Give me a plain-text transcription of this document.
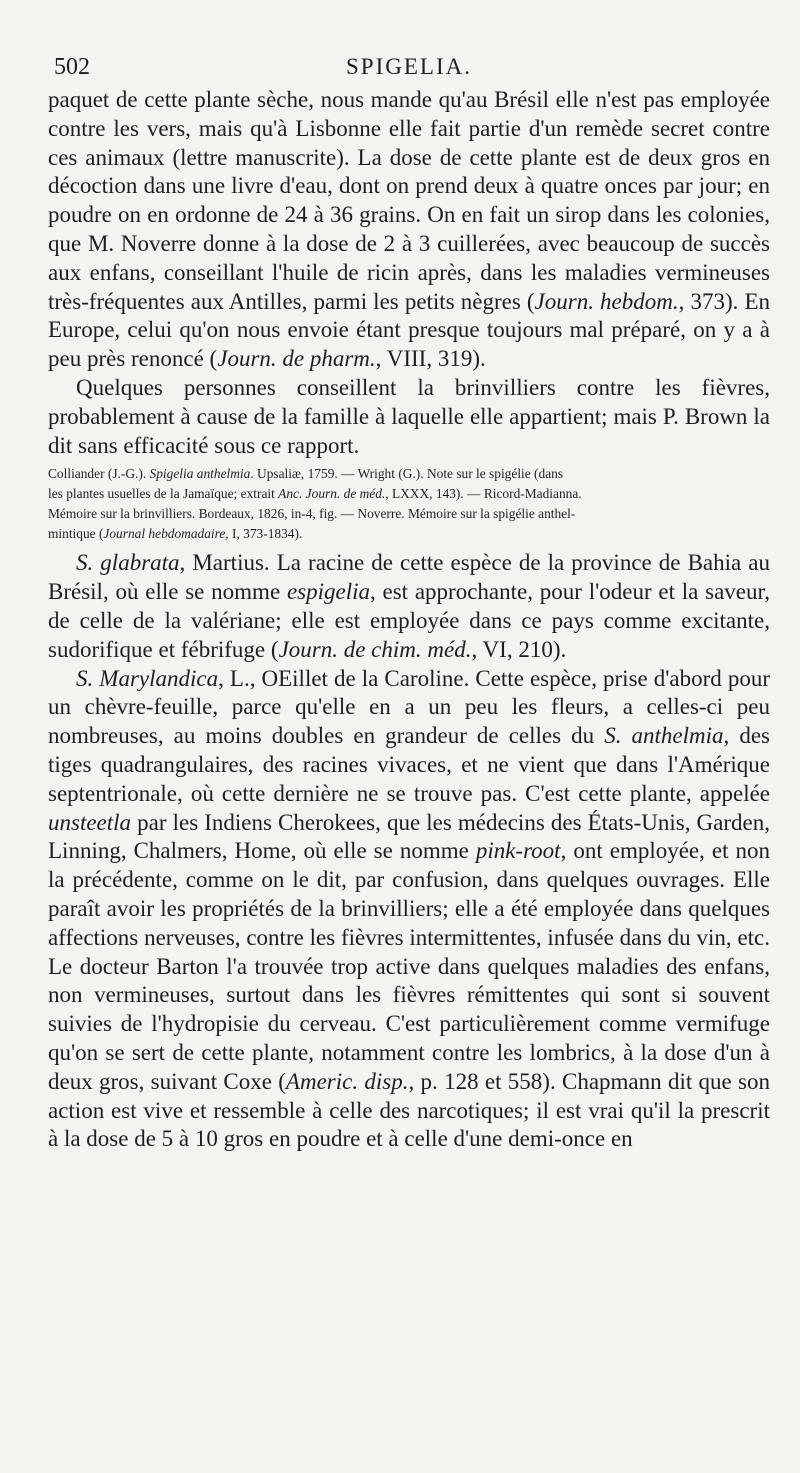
502	SPIGELIA.

paquet de cette plante sèche, nous mande qu'au Brésil elle n'est pas employée contre les vers, mais qu'à Lisbonne elle fait partie d'un remède secret contre ces animaux (lettre manuscrite). La dose de cette plante est de deux gros en décoction dans une livre d'eau, dont on prend deux à quatre onces par jour; en poudre on en ordonne de 24 à 36 grains. On en fait un sirop dans les colonies, que M. Noverre donne à la dose de 2 à 3 cuillerées, avec beaucoup de succès aux enfans, conseillant l'huile de ricin après, dans les maladies vermineuses très-fréquentes aux Antilles, parmi les petits nègres (Journ. hebdom., 373). En Europe, celui qu'on nous envoie étant presque toujours mal préparé, on y a à peu près renoncé (Journ. de pharm., VIII, 319).

Quelques personnes conseillent la brinvilliers contre les fièvres, probablement à cause de la famille à laquelle elle appartient; mais P. Brown la dit sans efficacité sous ce rapport.

Colliander (J.-G.). Spigelia anthelmia. Upsaliæ, 1759. — Wright (G.). Note sur le spigélie (dans
les plantes usuelles de la Jamaïque; extrait Anc. Journ. de méd., LXXX, 143). — Ricord-Madianna.
Mémoire sur la brinvilliers. Bordeaux, 1826, in-4, fig. — Noverre. Mémoire sur la spigélie anthel-
mintique (Journal hebdomadaire, I, 373-1834).

S. glabrata, Martius. La racine de cette espèce de la province de Bahia au Brésil, où elle se nomme espigelia, est approchante, pour l'odeur et la saveur, de celle de la valériane; elle est employée dans ce pays comme excitante, sudorifique et fébrifuge (Journ. de chim. méd., VI, 210).

S. Marylandica, L., OEillet de la Caroline. Cette espèce, prise d'abord pour un chèvre-feuille, parce qu'elle en a un peu les fleurs, a celles-ci peu nombreuses, au moins doubles en grandeur de celles du S. anthelmia, des tiges quadrangulaires, des racines vivaces, et ne vient que dans l'Amérique septentrionale, où cette dernière ne se trouve pas. C'est cette plante, appelée unsteetla par les Indiens Cherokees, que les médecins des États-Unis, Garden, Linning, Chalmers, Home, où elle se nomme pink-root, ont employée, et non la précédente, comme on le dit, par confusion, dans quelques ouvrages. Elle paraît avoir les propriétés de la brinvilliers; elle a été employée dans quelques affections nerveuses, contre les fièvres intermittentes, infusée dans du vin, etc. Le docteur Barton l'a trouvée trop active dans quelques maladies des enfans, non vermineuses, surtout dans les fièvres rémittentes qui sont si souvent suivies de l'hydropisie du cerveau. C'est particulièrement comme vermifuge qu'on se sert de cette plante, notamment contre les lombrics, à la dose d'un à deux gros, suivant Coxe (Americ. disp., p. 128 et 558). Chapmann dit que son action est vive et ressemble à celle des narcotiques; il est vrai qu'il la prescrit à la dose de 5 à 10 gros en poudre et à celle d'une demi-once en
